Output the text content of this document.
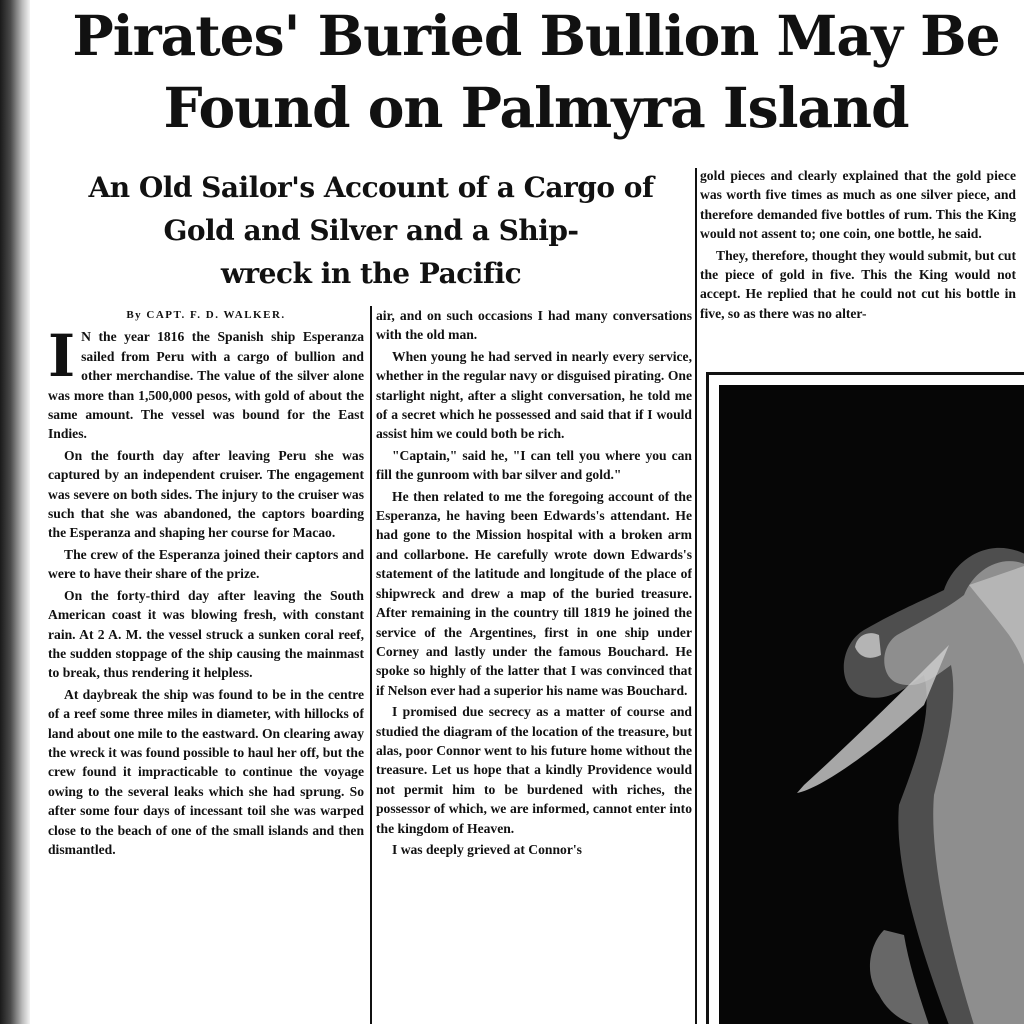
Pirates' Buried Bullion May Be
Found on Palmyra Island
An Old Sailor's Account of a Cargo of
Gold and Silver and a Ship-
wreck in the Pacific

By CAPT. F. D. WALKER.

I N the year 1816 the Spanish ship Esperanza sailed from Peru with a cargo of bullion and other merchandise. The value of the silver alone was more than 1,500,000 pesos, with gold of about the same amount. The vessel was bound for the East Indies.

On the fourth day after leaving Peru she was captured by an independent cruiser. The engagement was severe on both sides. The injury to the cruiser was such that she was abandoned, the captors boarding the Esperanza and shaping her course for Macao.

The crew of the Esperanza joined their captors and were to have their share of the prize.

On the forty-third day after leaving the South American coast it was blowing fresh, with constant rain. At 2 A. M. the vessel struck a sunken coral reef, the sudden stoppage of the ship causing the mainmast to break, thus rendering it helpless.

At daybreak the ship was found to be in the centre of a reef some three miles in diameter, with hillocks of land about one mile to the eastward. On clearing away the wreck it was found possible to haul her off, but the crew found it impracticable to continue the voyage owing to the several leaks which she had sprung. So after some four days of incessant toil she was warped close to the beach of one of the small islands and then dismantled.

air, and on such occasions I had many conversations with the old man.

When young he had served in nearly every service, whether in the regular navy or disguised pirating. One starlight night, after a slight conversation, he told me of a secret which he possessed and said that if I would assist him we could both be rich.

"Captain," said he, "I can tell you where you can fill the gunroom with bar silver and gold."

He then related to me the foregoing account of the Esperanza, he having been Edwards's attendant. He had gone to the Mission hospital with a broken arm and collarbone. He carefully wrote down Edwards's statement of the latitude and longitude of the place of shipwreck and drew a map of the buried treasure. After remaining in the country till 1819 he joined the service of the Argentines, first in one ship under Corney and lastly under the famous Bouchard. He spoke so highly of the latter that I was convinced that if Nelson ever had a superior his name was Bouchard.

I promised due secrecy as a matter of course and studied the diagram of the location of the treasure, but alas, poor Connor went to his future home without the treasure. Let us hope that a kindly Providence would not permit him to be burdened with riches, the possessor of which, we are informed, cannot enter into the kingdom of Heaven.

I was deeply grieved at Connor's

gold pieces and clearly explained that the gold piece was worth five times as much as one silver piece, and therefore demanded five bottles of rum. This the King would not assent to; one coin, one bottle, he said.

They, therefore, thought they would submit, but cut the piece of gold in five. This the King would not accept. He replied that he could not cut his bottle in five, so as there was no alter-
